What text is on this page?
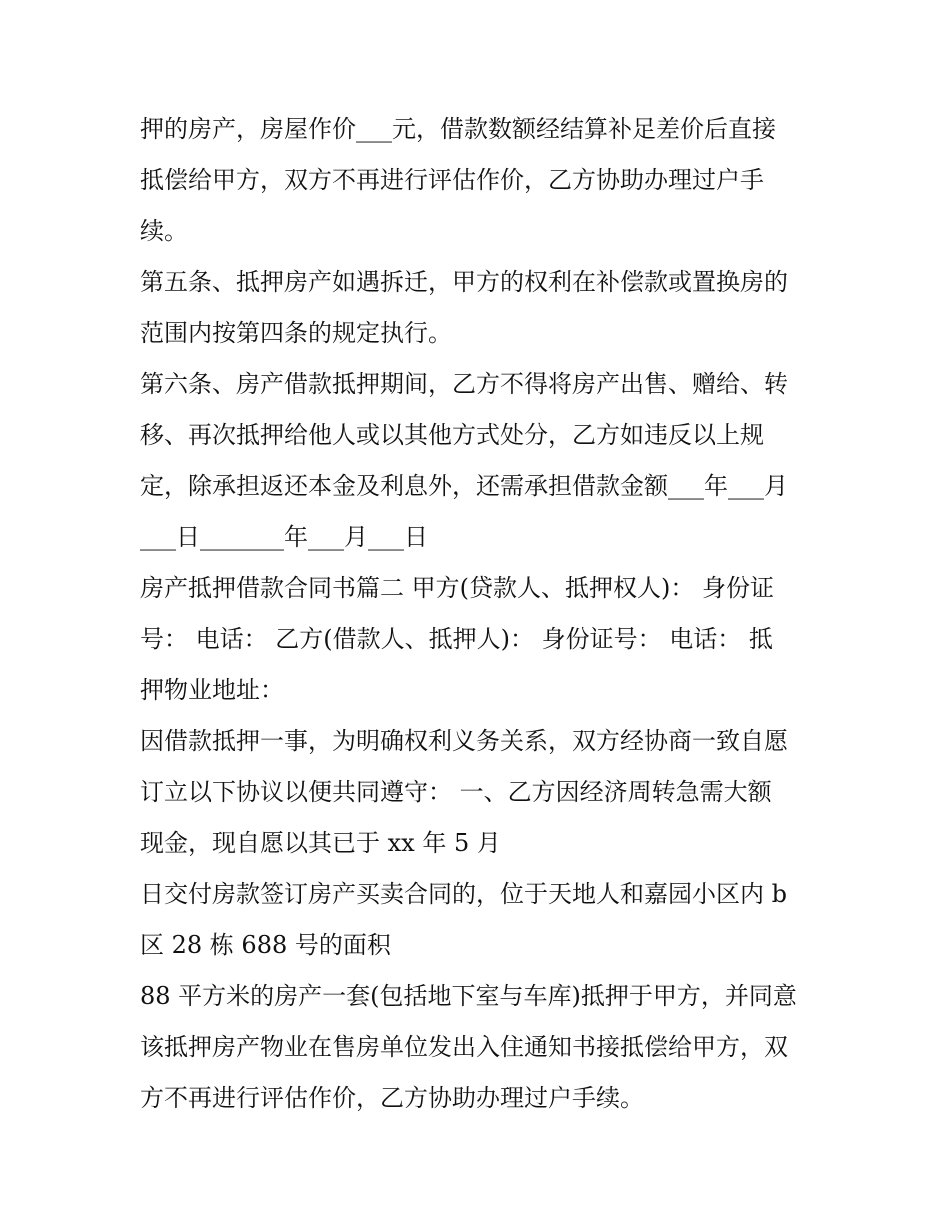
押的房产，房屋作价___元，借款数额经结算补足差价后直接
抵偿给甲方，双方不再进行评估作价，乙方协助办理过户手
续。
第五条、抵押房产如遇拆迁，甲方的权利在补偿款或置换房的
范围内按第四条的规定执行。
第六条、房产借款抵押期间，乙方不得将房产出售、赠给、转
移、再次抵押给他人或以其他方式处分，乙方如违反以上规
定，除承担返还本金及利息外，还需承担借款金额___年___月
___日_______年___月___日
房产抵押借款合同书篇二 甲方(贷款人、抵押权人)： 身份证
号： 电话： 乙方(借款人、抵押人)： 身份证号： 电话： 抵
押物业地址：
因借款抵押一事，为明确权利义务关系，双方经协商一致自愿
订立以下协议以便共同遵守： 一、乙方因经济周转急需大额
现金，现自愿以其已于 xx 年 5 月
日交付房款签订房产买卖合同的，位于天地人和嘉园小区内 b
区 28 栋 688 号的面积
88 平方米的房产一套(包括地下室与车库)抵押于甲方，并同意
该抵押房产物业在售房单位发出入住通知书接抵偿给甲方，双
方不再进行评估作价，乙方协助办理过户手续。
